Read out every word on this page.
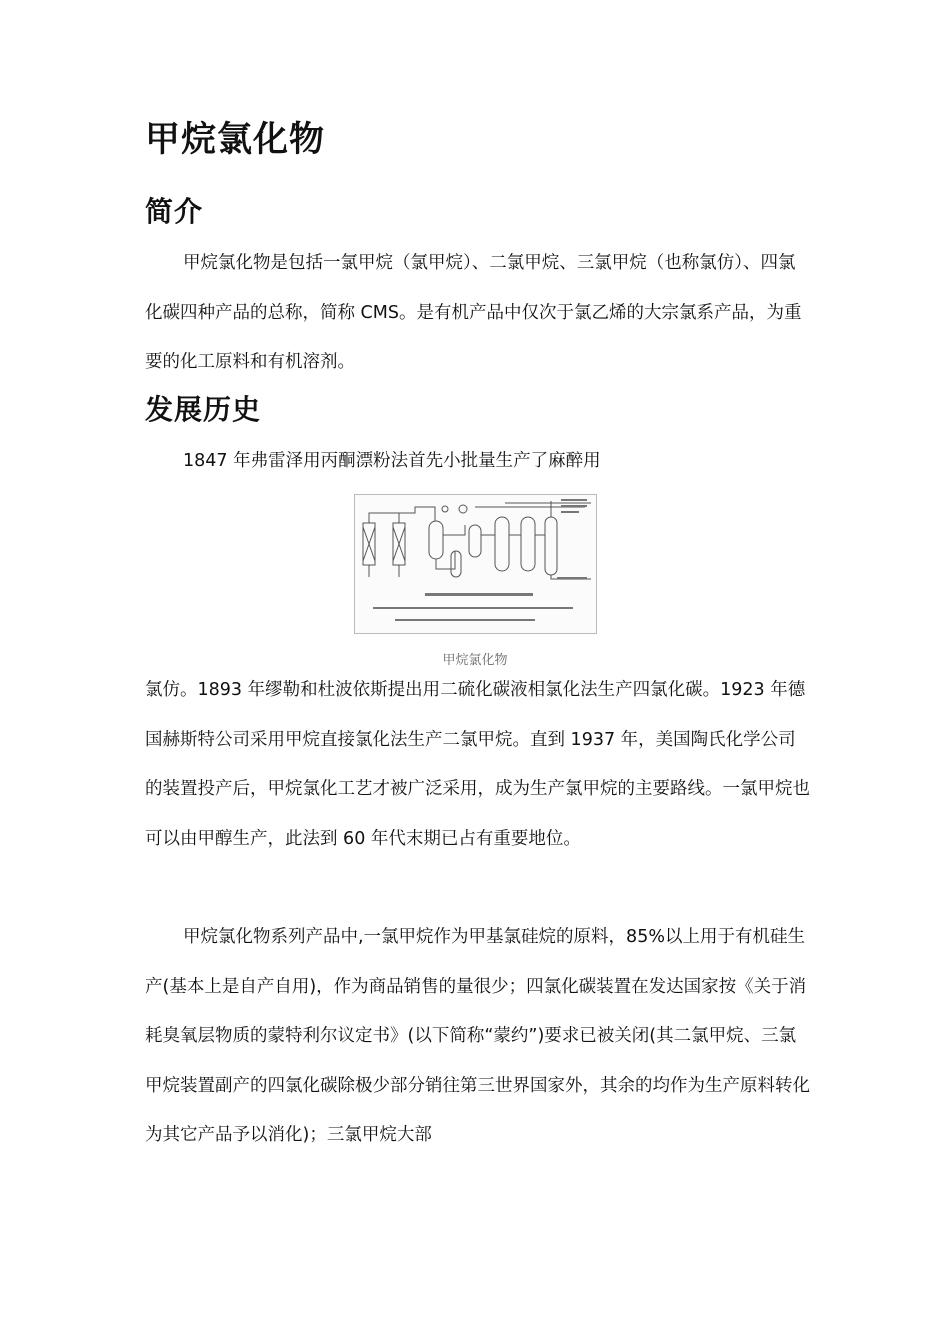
甲烷氯化物
简介
甲烷氯化物是包括一氯甲烷（氯甲烷）、二氯甲烷、三氯甲烷（也称氯仿）、四氯化碳四种产品的总称，简称 CMS。是有机产品中仅次于氯乙烯的大宗氯系产品，为重要的化工原料和有机溶剂。
发展历史
1847 年弗雷泽用丙酮漂粉法首先小批量生产了麻醉用
甲烷氯化物
氯仿。1893 年缪勒和杜波依斯提出用二硫化碳液相氯化法生产四氯化碳。1923 年德国赫斯特公司采用甲烷直接氯化法生产二氯甲烷。直到 1937 年，美国陶氏化学公司的装置投产后，甲烷氯化工艺才被广泛采用，成为生产氯甲烷的主要路线。一氯甲烷也可以由甲醇生产，此法到 60 年代末期已占有重要地位。
甲烷氯化物系列产品中,一氯甲烷作为甲基氯硅烷的原料，85%以上用于有机硅生产(基本上是自产自用)，作为商品销售的量很少；四氯化碳装置在发达国家按《关于消耗臭氧层物质的蒙特利尔议定书》(以下简称“蒙约”)要求已被关闭(其二氯甲烷、三氯甲烷装置副产的四氯化碳除极少部分销往第三世界国家外，其余的均作为生产原料转化为其它产品予以消化)；三氯甲烷大部
